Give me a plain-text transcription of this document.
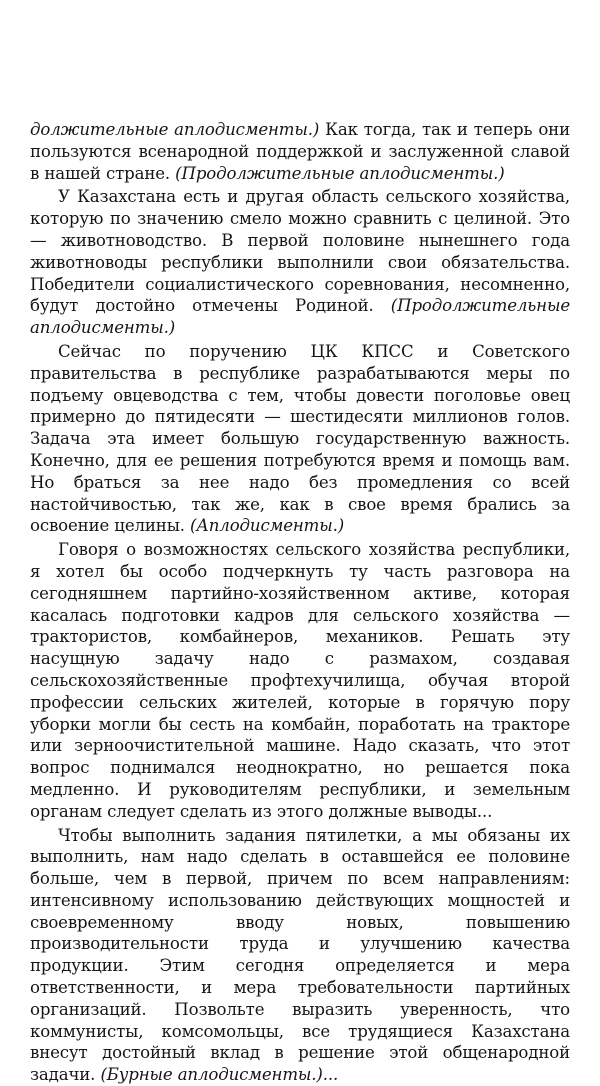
должительные аплодисменты.) Как тогда, так и теперь они пользуются всенародной поддержкой и заслуженной славой в нашей стране. (Продолжительные аплодисменты.)

У Казахстана есть и другая область сельского хозяйства, которую по значению смело можно сравнить с целиной. Это — животноводство. В первой половине нынешнего года животноводы республики выполнили свои обязательства. Победители социалистического соревнования, несомненно, будут достойно отмечены Родиной. (Продолжительные аплодисменты.)

Сейчас по поручению ЦК КПСС и Советского правительства в республике разрабатываются меры по подъему овцеводства с тем, чтобы довести поголовье овец примерно до пятидесяти — шестидесяти миллионов голов. Задача эта имеет большую государственную важность. Конечно, для ее решения потребуются время и помощь вам. Но браться за нее надо без промедления со всей настойчивостью, так же, как в свое время брались за освоение целины. (Аплодисменты.)

Говоря о возможностях сельского хозяйства республики, я хотел бы особо подчеркнуть ту часть разговора на сегодняшнем партийно-хозяйственном активе, которая касалась подготовки кадров для сельского хозяйства — трактористов, комбайнеров, механиков. Решать эту насущную задачу надо с размахом, создавая сельскохозяйственные профтехучилища, обучая второй профессии сельских жителей, которые в горячую пору уборки могли бы сесть на комбайн, поработать на тракторе или зерноочистительной машине. Надо сказать, что этот вопрос поднимался неоднократно, но решается пока медленно. И руководителям республики, и земельным органам следует сделать из этого должные выводы...

Чтобы выполнить задания пятилетки, а мы обязаны их выполнить, нам надо сделать в оставшейся ее половине больше, чем в первой, причем по всем направлениям: интенсивному использованию действующих мощностей и своевременному вводу новых, повышению производительности труда и улучшению качества продукции. Этим сегодня определяется и мера ответственности, и мера требовательности партийных организаций. Позвольте выразить уверенность, что коммунисты, комсомольцы, все трудящиеся Казахстана внесут достойный вклад в решение этой общенародной задачи. (Бурные аплодисменты.)...
